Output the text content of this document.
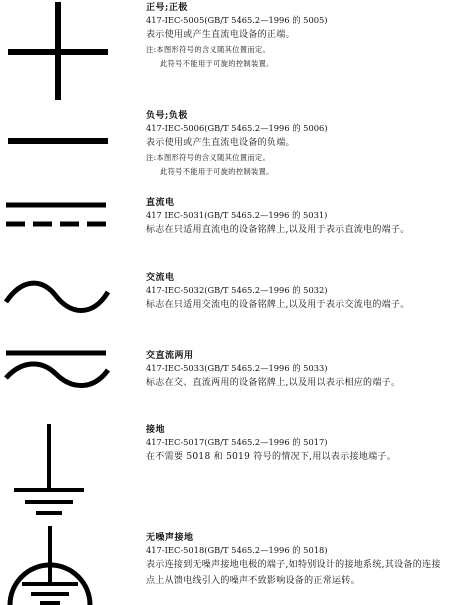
正号;正极
417-IEC-5005(GB/T 5465.2—1996 的 5005)
表示使用或产生直流电设备的正端。
注:本图形符号的含义随其位置而定。
此符号不能用于可旋的控制装置。
负号;负极
417-IEC-5006(GB/T 5465.2—1996 的 5006)
表示使用或产生直流电设备的负端。
注:本图形符号的含义随其位置而定。
此符号不能用于可旋的控制装置。
直流电
417 IEC-5031(GB/T 5465.2—1996 的 5031)
标志在只适用直流电的设备铭牌上,以及用于表示直流电的端子。
交流电
417-IEC-5032(GB/T 5465.2—1996 的 5032)
标志在只适用交流电的设备铭牌上,以及用于表示交流电的端子。
交直流两用
417-IEC-5033(GB/T 5465.2—1996 的 5033)
标志在交、直流两用的设备铭牌上,以及用以表示相应的端子。
接地
417-IEC-5017(GB/T 5465.2—1996 的 5017)
在不需要 5018 和 5019 符号的情况下,用以表示接地端子。
无噪声接地
417-IEC-5018(GB/T 5465.2—1996 的 5018)
表示连接到无噪声接地电极的端子,如特别设计的接地系统,其设备的连接点上从馈电线引入的噪声不致影响设备的正常运转。
